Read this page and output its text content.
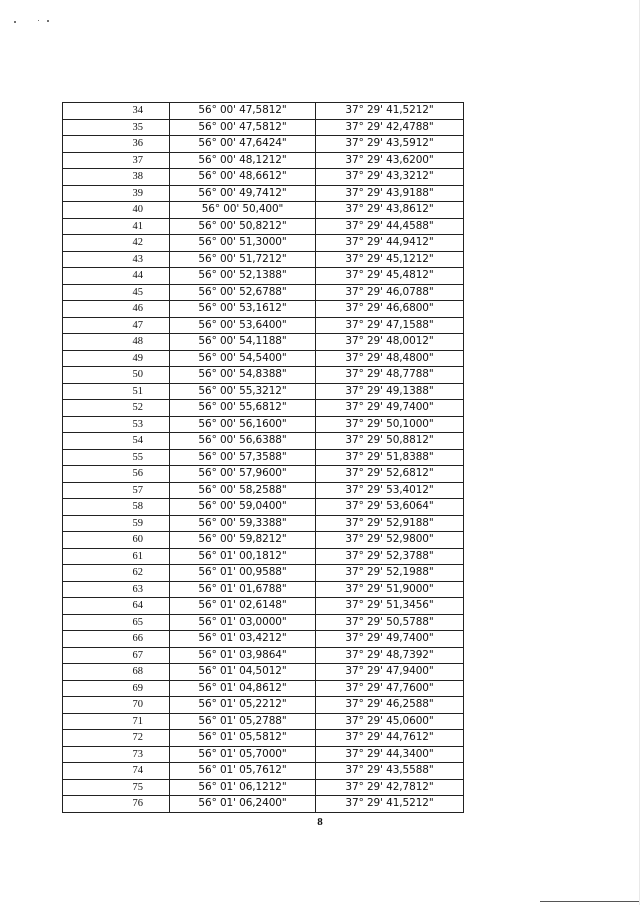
34	56° 00' 47,5812"	37° 29' 41,5212"
35	56° 00' 47,5812"	37° 29' 42,4788"
36	56° 00' 47,6424"	37° 29' 43,5912"
37	56° 00' 48,1212"	37° 29' 43,6200"
38	56° 00' 48,6612"	37° 29' 43,3212"
39	56° 00' 49,7412"	37° 29' 43,9188"
40	56° 00' 50,400"	37° 29' 43,8612"
41	56° 00' 50,8212"	37° 29' 44,4588"
42	56° 00' 51,3000"	37° 29' 44,9412"
43	56° 00' 51,7212"	37° 29' 45,1212"
44	56° 00' 52,1388"	37° 29' 45,4812"
45	56° 00' 52,6788"	37° 29' 46,0788"
46	56° 00' 53,1612"	37° 29' 46,6800"
47	56° 00' 53,6400"	37° 29' 47,1588"
48	56° 00' 54,1188"	37° 29' 48,0012"
49	56° 00' 54,5400"	37° 29' 48,4800"
50	56° 00' 54,8388"	37° 29' 48,7788"
51	56° 00' 55,3212"	37° 29' 49,1388"
52	56° 00' 55,6812"	37° 29' 49,7400"
53	56° 00' 56,1600"	37° 29' 50,1000"
54	56° 00' 56,6388"	37° 29' 50,8812"
55	56° 00' 57,3588"	37° 29' 51,8388"
56	56° 00' 57,9600"	37° 29' 52,6812"
57	56° 00' 58,2588"	37° 29' 53,4012"
58	56° 00' 59,0400"	37° 29' 53,6064"
59	56° 00' 59,3388"	37° 29' 52,9188"
60	56° 00' 59,8212"	37° 29' 52,9800"
61	56° 01' 00,1812"	37° 29' 52,3788"
62	56° 01' 00,9588"	37° 29' 52,1988"
63	56° 01' 01,6788"	37° 29' 51,9000"
64	56° 01' 02,6148"	37° 29' 51,3456"
65	56° 01' 03,0000"	37° 29' 50,5788"
66	56° 01' 03,4212"	37° 29' 49,7400"
67	56° 01' 03,9864"	37° 29' 48,7392"
68	56° 01' 04,5012"	37° 29' 47,9400"
69	56° 01' 04,8612"	37° 29' 47,7600"
70	56° 01' 05,2212"	37° 29' 46,2588"
71	56° 01' 05,2788"	37° 29' 45,0600"
72	56° 01' 05,5812"	37° 29' 44,7612"
73	56° 01' 05,7000"	37° 29' 44,3400"
74	56° 01' 05,7612"	37° 29' 43,5588"
75	56° 01' 06,1212"	37° 29' 42,7812"
76	56° 01' 06,2400"	37° 29' 41,5212"
8
